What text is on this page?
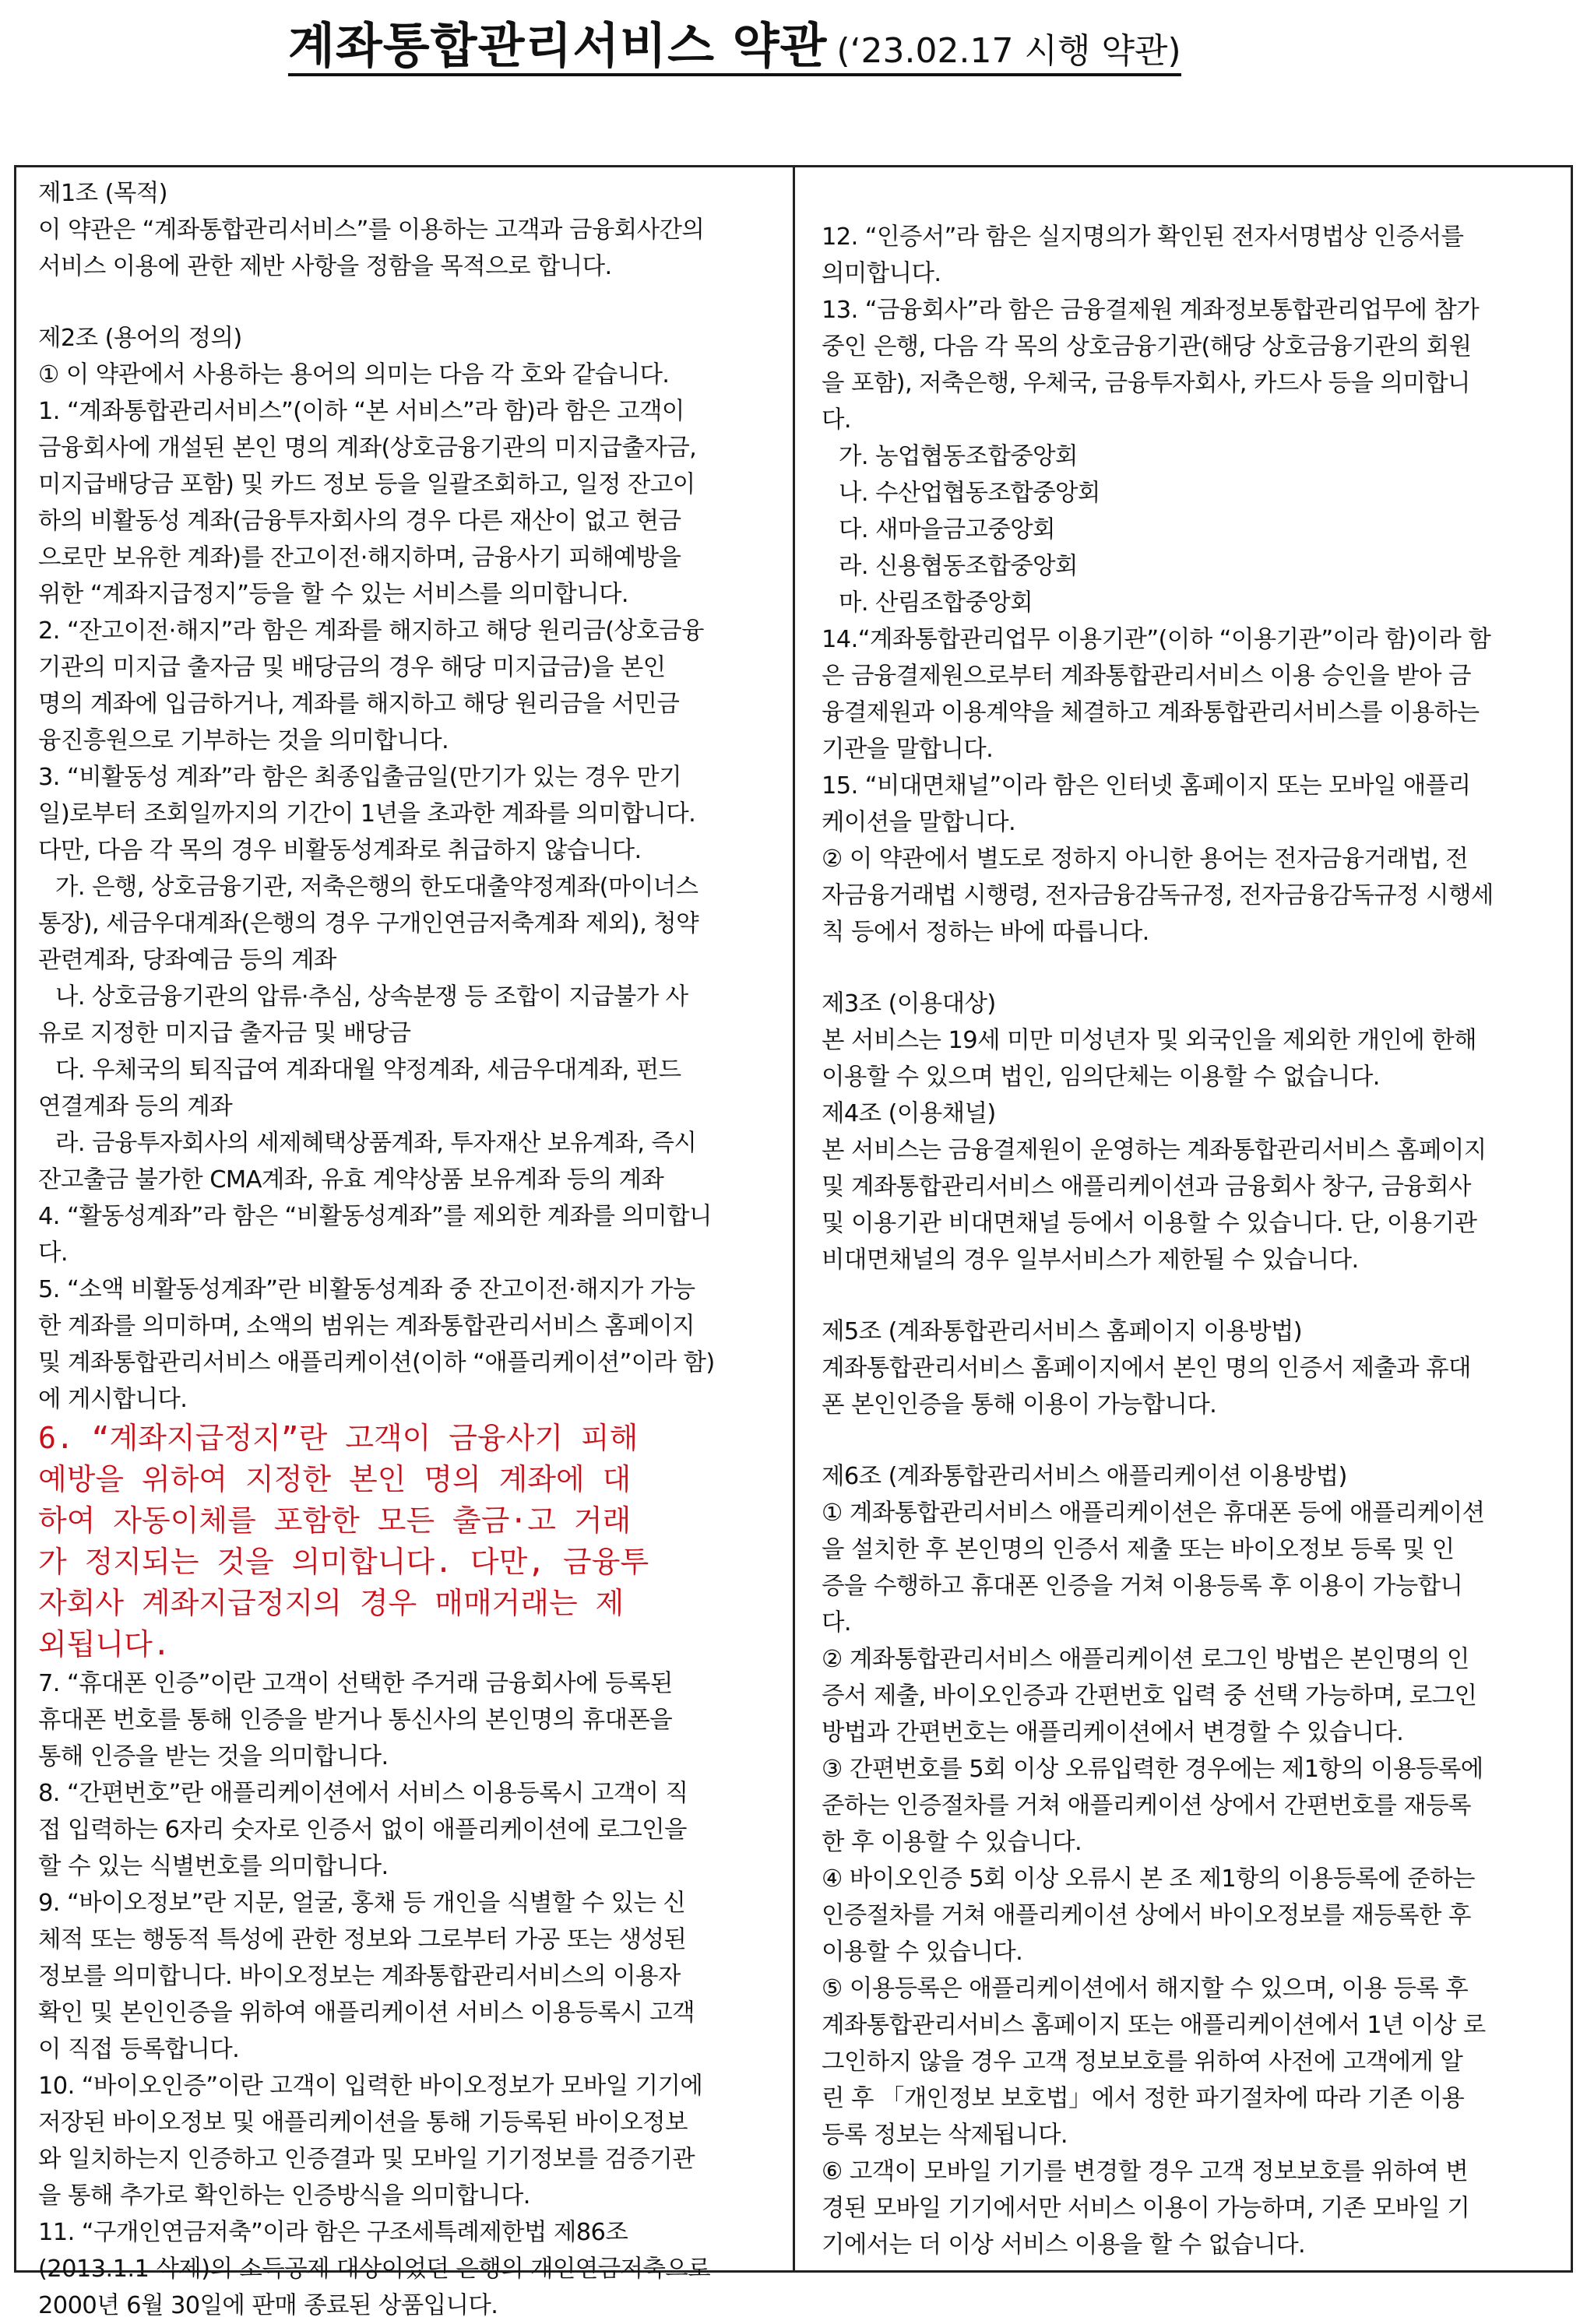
계좌통합관리서비스 약관 (‘23.02.17 시행 약관)
제1조 (목적)
이 약관은 “계좌통합관리서비스”를 이용하는 고객과 금융회사간의
서비스 이용에 관한 제반 사항을 정함을 목적으로 합니다.
제2조 (용어의 정의)
① 이 약관에서 사용하는 용어의 의미는 다음 각 호와 같습니다.
1. “계좌통합관리서비스”(이하 “본 서비스”라 함)라 함은 고객이
금융회사에 개설된 본인 명의 계좌(상호금융기관의 미지급출자금,
미지급배당금 포함) 및 카드 정보 등을 일괄조회하고, 일정 잔고이
하의 비활동성 계좌(금융투자회사의 경우 다른 재산이 없고 현금
으로만 보유한 계좌)를 잔고이전·해지하며, 금융사기 피해예방을
위한 “계좌지급정지”등을 할 수 있는 서비스를 의미합니다.
2. “잔고이전·해지”라 함은 계좌를 해지하고 해당 원리금(상호금융
기관의 미지급 출자금 및 배당금의 경우 해당 미지급금)을 본인
명의 계좌에 입금하거나, 계좌를 해지하고 해당 원리금을 서민금
융진흥원으로 기부하는 것을 의미합니다.
3. “비활동성 계좌”라 함은 최종입출금일(만기가 있는 경우 만기
일)로부터 조회일까지의 기간이 1년을 초과한 계좌를 의미합니다.
다만, 다음 각 목의 경우 비활동성계좌로 취급하지 않습니다.
가. 은행, 상호금융기관, 저축은행의 한도대출약정계좌(마이너스
통장), 세금우대계좌(은행의 경우 구개인연금저축계좌 제외), 청약
관련계좌, 당좌예금 등의 계좌
나. 상호금융기관의 압류·추심, 상속분쟁 등 조합이 지급불가 사
유로 지정한 미지급 출자금 및 배당금
다. 우체국의 퇴직급여 계좌대월 약정계좌, 세금우대계좌, 펀드
연결계좌 등의 계좌
라. 금융투자회사의 세제혜택상품계좌, 투자재산 보유계좌, 즉시
잔고출금 불가한 CMA계좌, 유효 계약상품 보유계좌 등의 계좌
4. “활동성계좌”라 함은 “비활동성계좌”를 제외한 계좌를 의미합니
다.
5. “소액 비활동성계좌”란 비활동성계좌 중 잔고이전·해지가 가능
한 계좌를 의미하며, 소액의 범위는 계좌통합관리서비스 홈페이지
및 계좌통합관리서비스 애플리케이션(이하 “애플리케이션”이라 함)
에 게시합니다.
6. “계좌지급정지”란 고객이 금융사기 피해
예방을 위하여 지정한 본인 명의 계좌에 대
하여 자동이체를 포함한 모든 출금·고 거래
가 정지되는 것을 의미합니다. 다만, 금융투
자회사 계좌지급정지의 경우 매매거래는 제
외됩니다.
7. “휴대폰 인증”이란 고객이 선택한 주거래 금융회사에 등록된
휴대폰 번호를 통해 인증을 받거나 통신사의 본인명의 휴대폰을
통해 인증을 받는 것을 의미합니다.
8. “간편번호”란 애플리케이션에서 서비스 이용등록시 고객이 직
접 입력하는 6자리 숫자로 인증서 없이 애플리케이션에 로그인을
할 수 있는 식별번호를 의미합니다.
9. “바이오정보”란 지문, 얼굴, 홍채 등 개인을 식별할 수 있는 신
체적 또는 행동적 특성에 관한 정보와 그로부터 가공 또는 생성된
정보를 의미합니다. 바이오정보는 계좌통합관리서비스의 이용자
확인 및 본인인증을 위하여 애플리케이션 서비스 이용등록시 고객
이 직접 등록합니다.
10. “바이오인증”이란 고객이 입력한 바이오정보가 모바일 기기에
저장된 바이오정보 및 애플리케이션을 통해 기등록된 바이오정보
와 일치하는지 인증하고 인증결과 및 모바일 기기정보를 검증기관
을 통해 추가로 확인하는 인증방식을 의미합니다.
11. “구개인연금저축”이라 함은 구조세특례제한법 제86조
(2013.1.1 삭제)의 소득공제 대상이었던 은행의 개인연금저축으로
2000년 6월 30일에 판매 종료된 상품입니다.
12. “인증서”라 함은 실지명의가 확인된 전자서명법상 인증서를
의미합니다.
13. “금융회사”라 함은 금융결제원 계좌정보통합관리업무에 참가
중인 은행, 다음 각 목의 상호금융기관(해당 상호금융기관의 회원
을 포함), 저축은행, 우체국, 금융투자회사, 카드사 등을 의미합니
다.
가. 농업협동조합중앙회
나. 수산업협동조합중앙회
다. 새마을금고중앙회
라. 신용협동조합중앙회
마. 산림조합중앙회
14.“계좌통합관리업무 이용기관”(이하 “이용기관”이라 함)이라 함
은 금융결제원으로부터 계좌통합관리서비스 이용 승인을 받아 금
융결제원과 이용계약을 체결하고 계좌통합관리서비스를 이용하는
기관을 말합니다.
15. “비대면채널”이라 함은 인터넷 홈페이지 또는 모바일 애플리
케이션을 말합니다.
② 이 약관에서 별도로 정하지 아니한 용어는 전자금융거래법, 전
자금융거래법 시행령, 전자금융감독규정, 전자금융감독규정 시행세
칙 등에서 정하는 바에 따릅니다.
제3조 (이용대상)
본 서비스는 19세 미만 미성년자 및 외국인을 제외한 개인에 한해
이용할 수 있으며 법인, 임의단체는 이용할 수 없습니다.
제4조 (이용채널)
본 서비스는 금융결제원이 운영하는 계좌통합관리서비스 홈페이지
및 계좌통합관리서비스 애플리케이션과 금융회사 창구, 금융회사
및 이용기관 비대면채널 등에서 이용할 수 있습니다. 단, 이용기관
비대면채널의 경우 일부서비스가 제한될 수 있습니다.
제5조 (계좌통합관리서비스 홈페이지 이용방법)
계좌통합관리서비스 홈페이지에서 본인 명의 인증서 제출과 휴대
폰 본인인증을 통해 이용이 가능합니다.
제6조 (계좌통합관리서비스 애플리케이션 이용방법)
① 계좌통합관리서비스 애플리케이션은 휴대폰 등에 애플리케이션
을 설치한 후 본인명의 인증서 제출 또는 바이오정보 등록 및 인
증을 수행하고 휴대폰 인증을 거쳐 이용등록 후 이용이 가능합니
다.
② 계좌통합관리서비스 애플리케이션 로그인 방법은 본인명의 인
증서 제출, 바이오인증과 간편번호 입력 중 선택 가능하며, 로그인
방법과 간편번호는 애플리케이션에서 변경할 수 있습니다.
③ 간편번호를 5회 이상 오류입력한 경우에는 제1항의 이용등록에
준하는 인증절차를 거쳐 애플리케이션 상에서 간편번호를 재등록
한 후 이용할 수 있습니다.
④ 바이오인증 5회 이상 오류시 본 조 제1항의 이용등록에 준하는
인증절차를 거쳐 애플리케이션 상에서 바이오정보를 재등록한 후
이용할 수 있습니다.
⑤ 이용등록은 애플리케이션에서 해지할 수 있으며, 이용 등록 후
계좌통합관리서비스 홈페이지 또는 애플리케이션에서 1년 이상 로
그인하지 않을 경우 고객 정보보호를 위하여 사전에 고객에게 알
린 후 「개인정보 보호법」에서 정한 파기절차에 따라 기존 이용
등록 정보는 삭제됩니다.
⑥ 고객이 모바일 기기를 변경할 경우 고객 정보보호를 위하여 변
경된 모바일 기기에서만 서비스 이용이 가능하며, 기존 모바일 기
기에서는 더 이상 서비스 이용을 할 수 없습니다.
